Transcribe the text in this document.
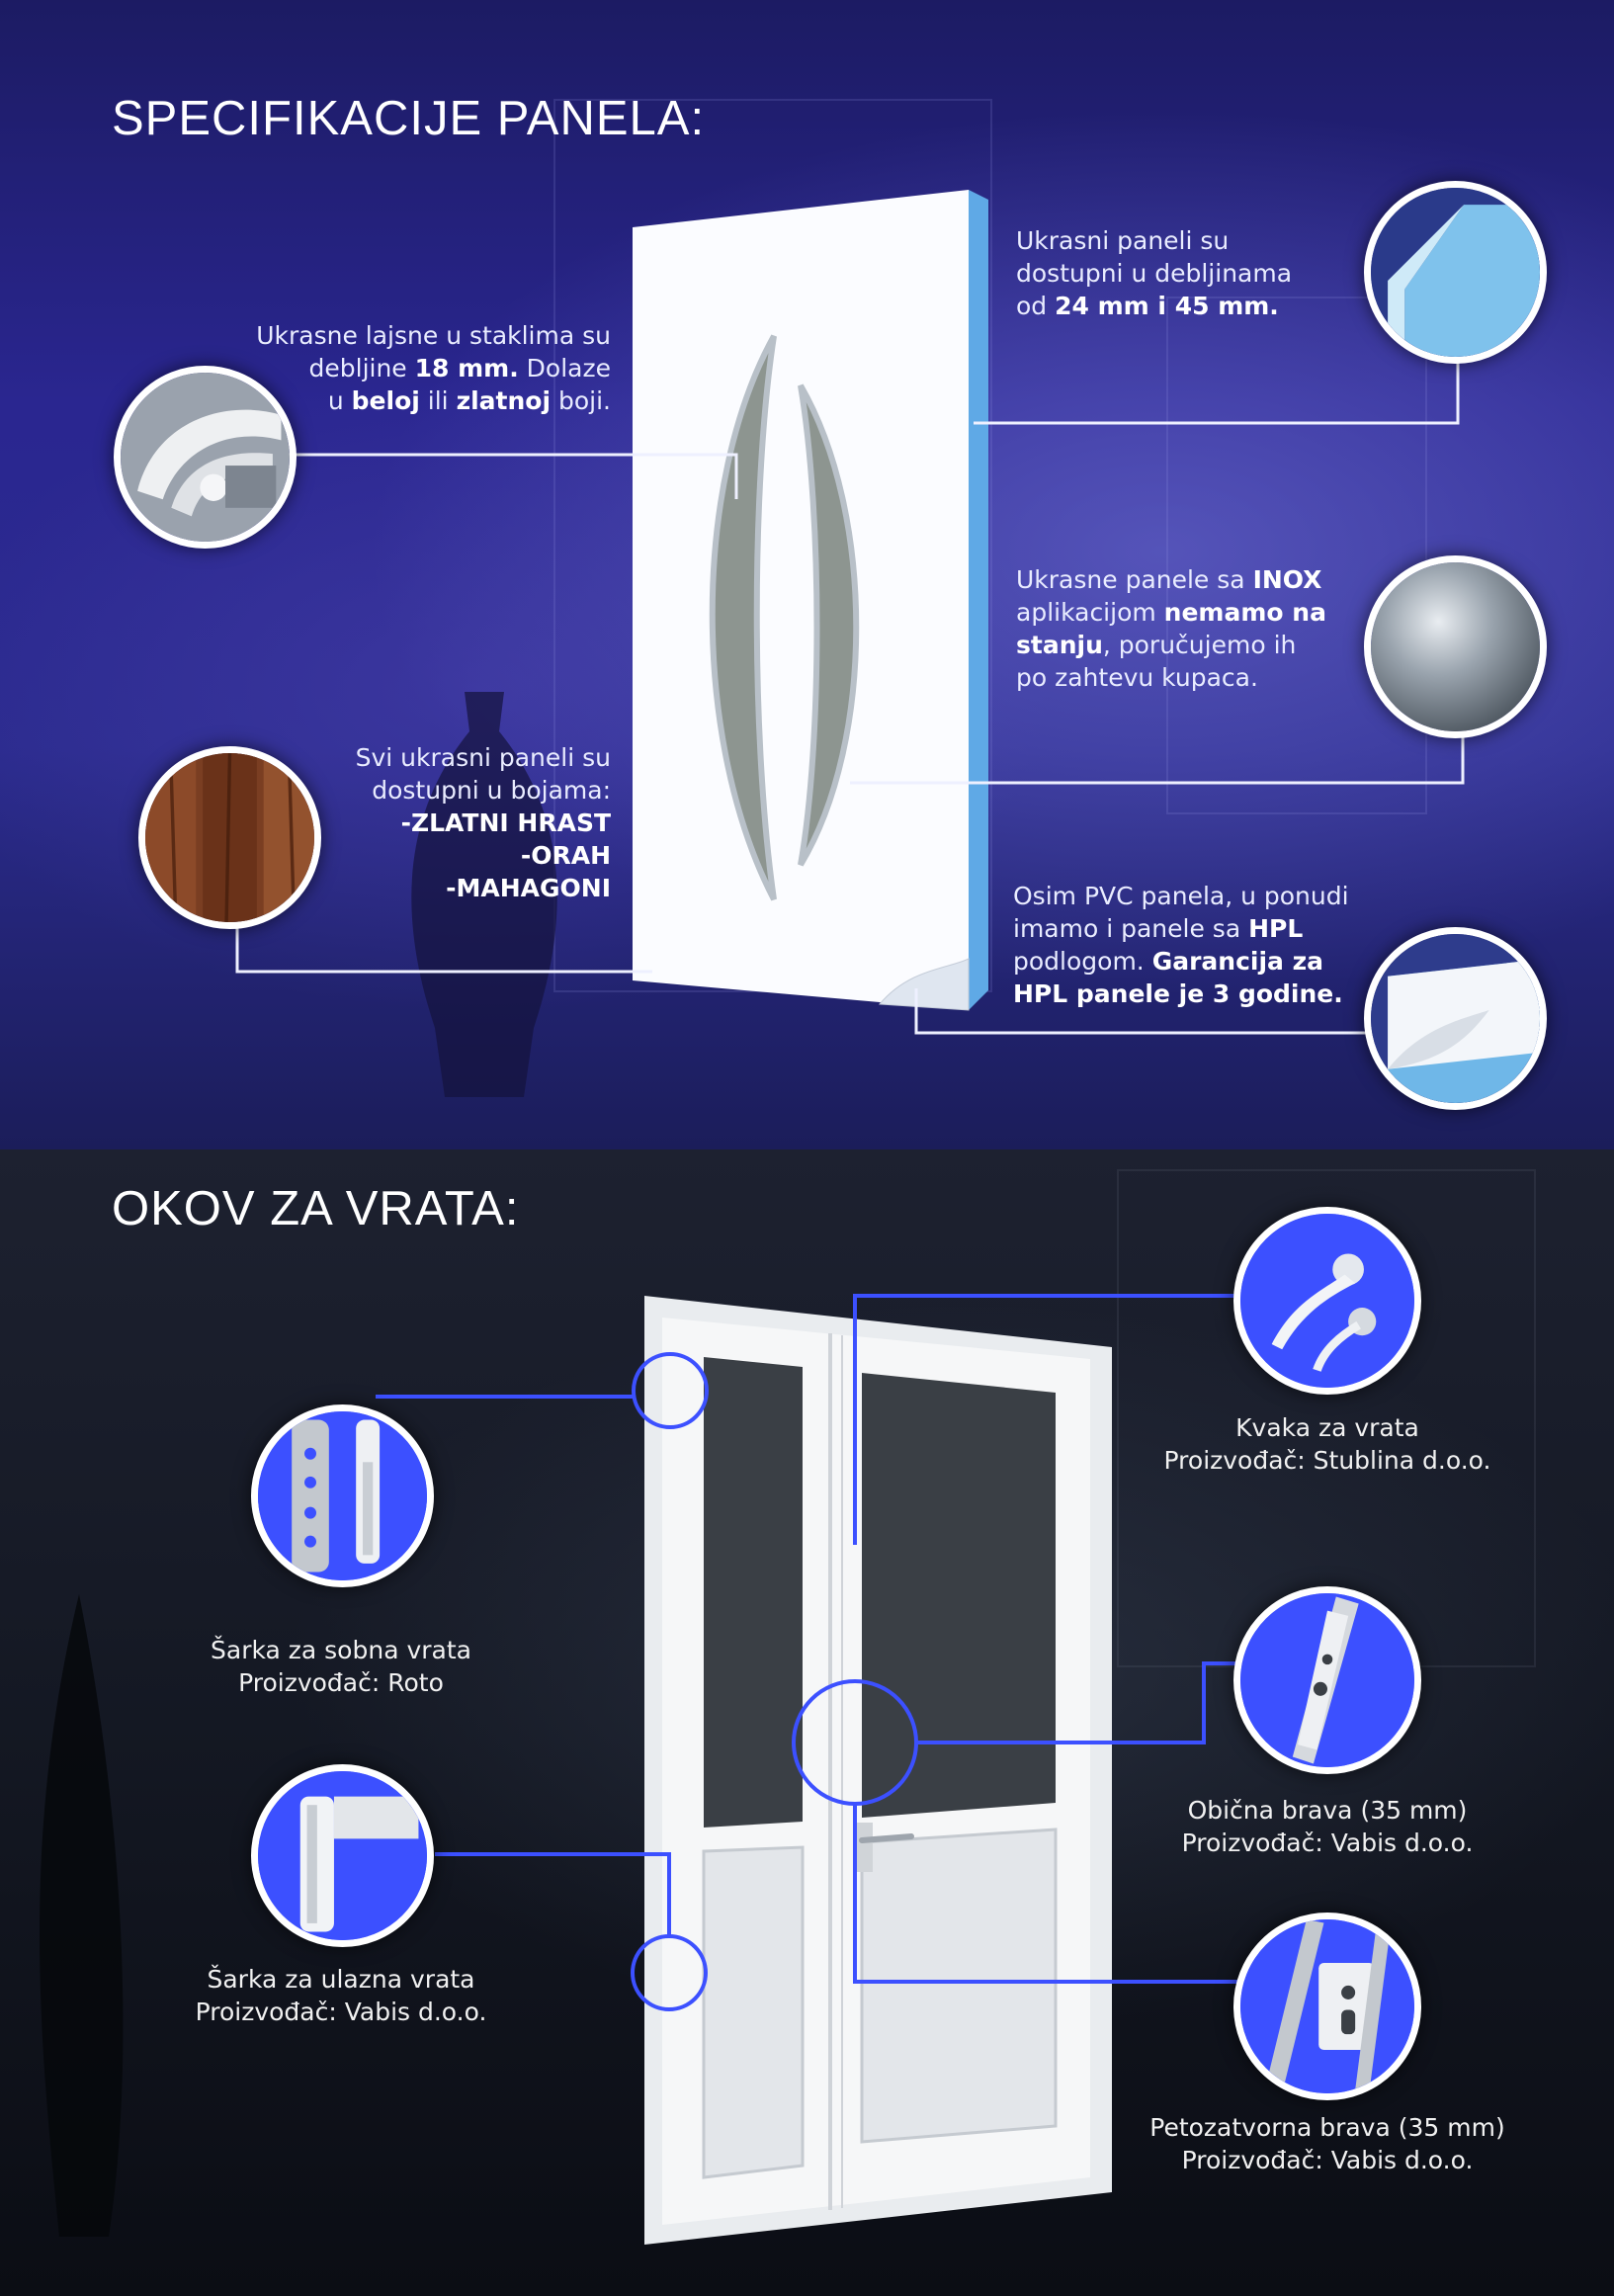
SPECIFIKACIJE PANELA:

Ukrasne lajsne u staklima su
debljine 18 mm. Dolaze
u beloj ili zlatnoj boji.

Ukrasni paneli su
dostupni u debljinama
od 24 mm i 45 mm.

Ukrasne panele sa INOX
aplikacijom nemamo na
stanju, poručujemo ih
po zahtevu kupaca.

Svi ukrasni paneli su
dostupni u bojama:
-ZLATNI HRAST
-ORAH
-MAHAGONI	Osim PVC panela, u ponudi
imamo i panele sa HPL
podlogom. Garancija za
HPL panele je 3 godine.

OKOV ZA VRATA:
Kvaka za vrata
Proizvođač: Stublina d.o.o.
Šarka za sobna vrata
Proizvođač: Roto
Obična brava (35 mm)
Proizvođač: Vabis d.o.o.
Šarka za ulazna vrata
Proizvođač: Vabis d.o.o.
Petozatvorna brava (35 mm)
Proizvođač: Vabis d.o.o.
